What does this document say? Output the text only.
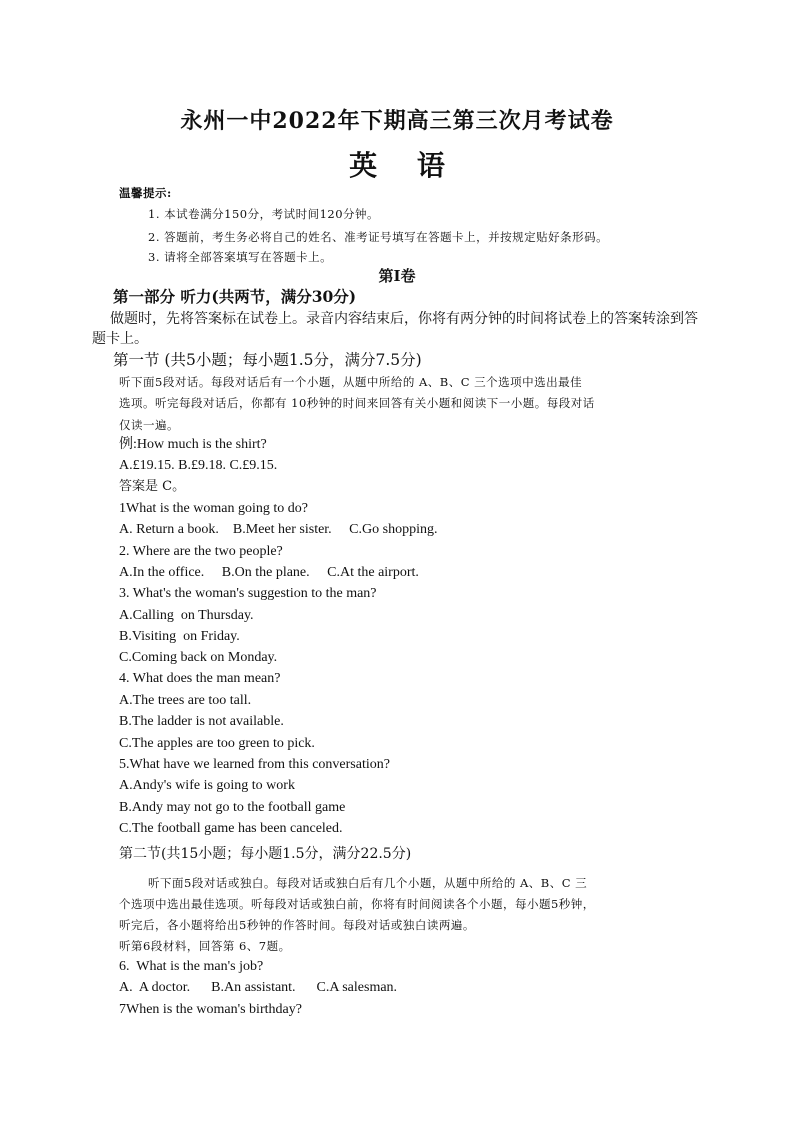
永州一中2022年下期高三第三次月考试卷
英 语
温馨提示:
1. 本试卷满分150分，考试时间120分钟。
2. 答题前，考生务必将自己的姓名、准考证号填写在答题卡上，并按规定贴好条形码。
3. 请将全部答案填写在答题卡上。
第I卷
第一部分 听力(共两节，满分30分)
做题时，先将答案标在试卷上。录音内容结束后，你将有两分钟的时间将试卷上的答案转涂到答
题卡上。
第一节 (共5小题；每小题1.5分，满分7.5分)
听下面5段对话。每段对话后有一个小题，从题中所给的 A、B、C 三个选项中选出最佳
选项。听完每段对话后，你都有 10秒钟的时间来回答有关小题和阅读下一小题。每段对话
仅读一遍。
例:How much is the shirt?
A.£19.15. B.£9.18. C.£9.15.
答案是 C。
1What is the woman going to do?
A. Return a book.    B.Meet her sister.     C.Go shopping.
2. Where are the two people?
A.In the office.     B.On the plane.     C.At the airport.
3. What's the woman's suggestion to the man?
A.Calling  on Thursday.
B.Visiting  on Friday.
C.Coming back on Monday.
4. What does the man mean?
A.The trees are too tall.
B.The ladder is not available.
C.The apples are too green to pick.
5.What have we learned from this conversation?
A.Andy's wife is going to work
B.Andy may not go to the football game
C.The football game has been canceled.
第二节(共15小题；每小题1.5分，满分22.5分)
听下面5段对话或独白。每段对话或独白后有几个小题，从题中所给的 A、B、C 三
个选项中选出最佳选项。听每段对话或独白前，你将有时间阅读各个小题，每小题5秒钟，
听完后，各小题将给出5秒钟的作答时间。每段对话或独白读两遍。
听第6段材料，回答第 6、7题。
6.  What is the man's job?
A.  A doctor.      B.An assistant.      C.A salesman.
7When is the woman's birthday?
